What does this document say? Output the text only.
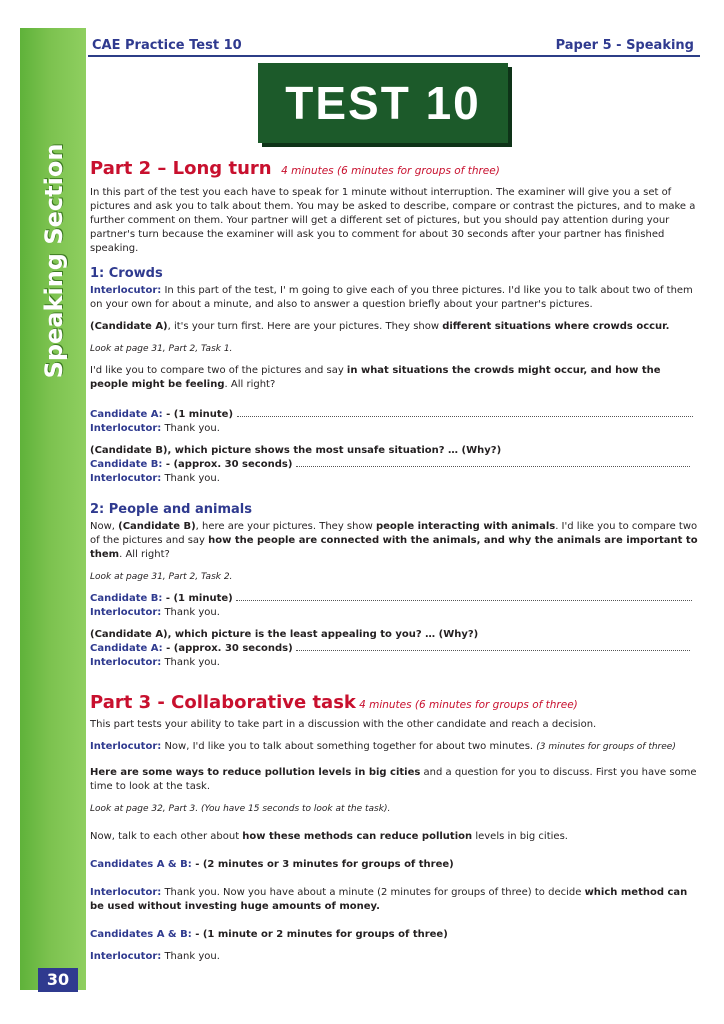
Speaking Section
30
CAE Practice Test 10	Paper 5 - Speaking
TEST 10

Part 2 – Long turn 4 minutes (6 minutes for groups of three)

In this part of the test you each have to speak for 1 minute without interruption. The examiner will give you a set of pictures and ask you to talk about them. You may be asked to describe, compare or contrast the pictures, and to make a further comment on them. Your partner will get a different set of pictures, but you should pay attention during your partner's turn because the examiner will ask you to comment for about 30 seconds after your partner has finished speaking.

1: Crowds

Interlocutor: In this part of the test, I' m going to give each of you three pictures. I'd like you to talk about two of them on your own for about a minute, and also to answer a question briefly about your partner's pictures.

(Candidate A), it's your turn first. Here are your pictures. They show different situations where crowds occur.

Look at page 31, Part 2, Task 1.

I'd like you to compare two of the pictures and say in what situations the crowds might occur, and how the people might be feeling. All right?

Candidate A: - (1 minute)

Interlocutor: Thank you.

(Candidate B), which picture shows the most unsafe situation? … (Why?)

Candidate B: - (approx. 30 seconds)

Interlocutor: Thank you.

2: People and animals

Now, (Candidate B), here are your pictures. They show people interacting with animals. I'd like you to compare two of the pictures and say how the people are connected with the animals, and why the animals are important to them. All right?

Look at page 31, Part 2, Task 2.

Candidate B: - (1 minute)

Interlocutor: Thank you.

(Candidate A), which picture is the least appealing to you? … (Why?)

Candidate A: - (approx. 30 seconds)

Interlocutor: Thank you.

Part 3 - Collaborative task 4 minutes (6 minutes for groups of three)

This part tests your ability to take part in a discussion with the other candidate and reach a decision.

Interlocutor: Now, I'd like you to talk about something together for about two minutes. (3 minutes for groups of three)

Here are some ways to reduce pollution levels in big cities and a question for you to discuss. First you have some time to look at the task.

Look at page 32, Part 3. (You have 15 seconds to look at the task).

Now, talk to each other about how these methods can reduce pollution levels in big cities.

Candidates A & B: - (2 minutes or 3 minutes for groups of three)

Interlocutor: Thank you. Now you have about a minute (2 minutes for groups of three) to decide which method can be used without investing huge amounts of money.

Candidates A & B: - (1 minute or 2 minutes for groups of three)

Interlocutor: Thank you.
